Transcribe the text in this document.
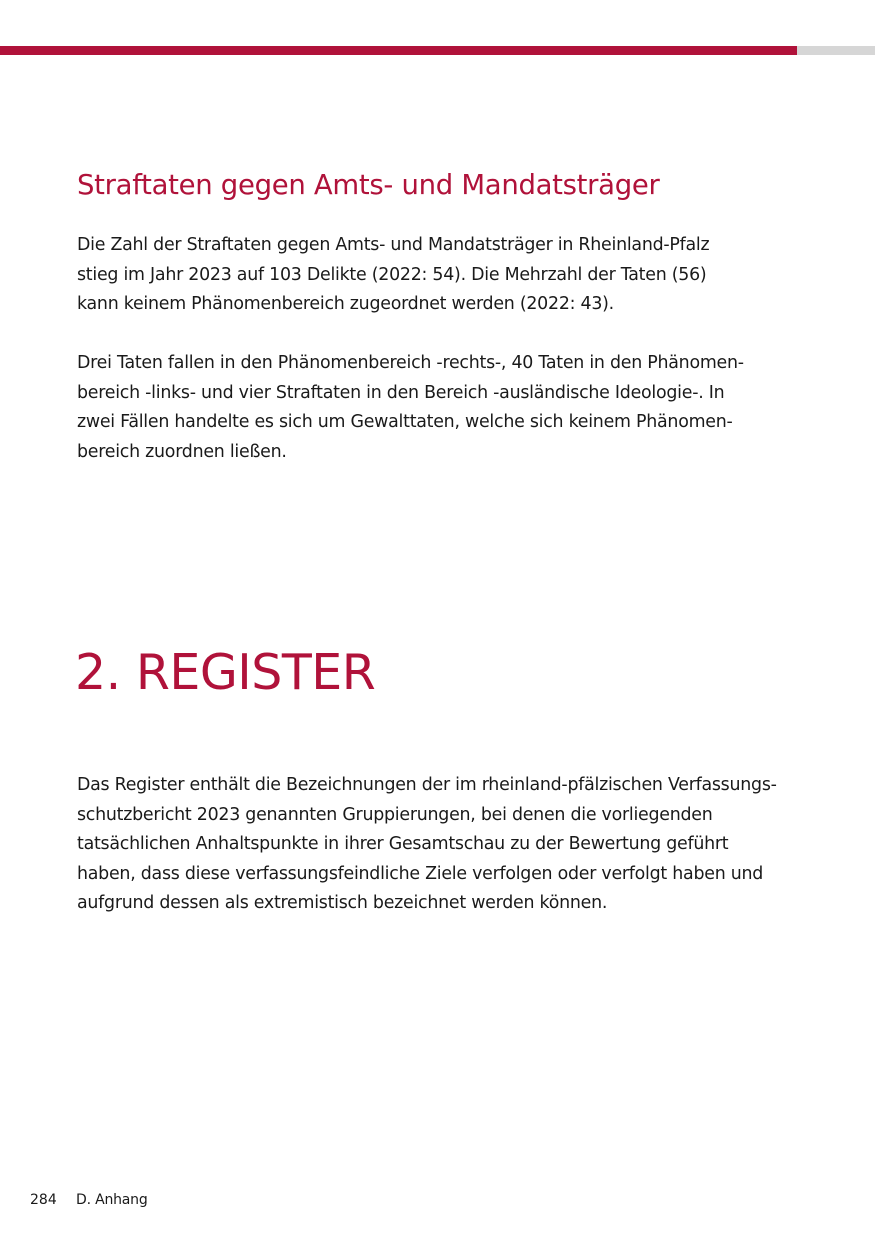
Straftaten gegen Amts- und Mandatsträger

Die Zahl der Straftaten gegen Amts- und Mandatsträger in Rheinland-Pfalz
stieg im Jahr 2023 auf 103 Delikte (2022: 54). Die Mehrzahl der Taten (56)
kann keinem Phänomenbereich zugeordnet werden (2022: 43).

Drei Taten fallen in den Phänomenbereich -rechts-, 40 Taten in den Phänomen-
bereich -links- und vier Straftaten in den Bereich -ausländische Ideologie-. In
zwei Fällen handelte es sich um Gewalttaten, welche sich keinem Phänomen-
bereich zuordnen ließen.

2. REGISTER

Das Register enthält die Bezeichnungen der im rheinland-pfälzischen Verfassungs-
schutzbericht 2023 genannten Gruppierungen, bei denen die vorliegenden
tatsächlichen Anhaltspunkte in ihrer Gesamtschau zu der Bewertung geführt
haben, dass diese verfassungsfeindliche Ziele verfolgen oder verfolgt haben und
aufgrund dessen als extremistisch bezeichnet werden können.

284 D. Anhang
